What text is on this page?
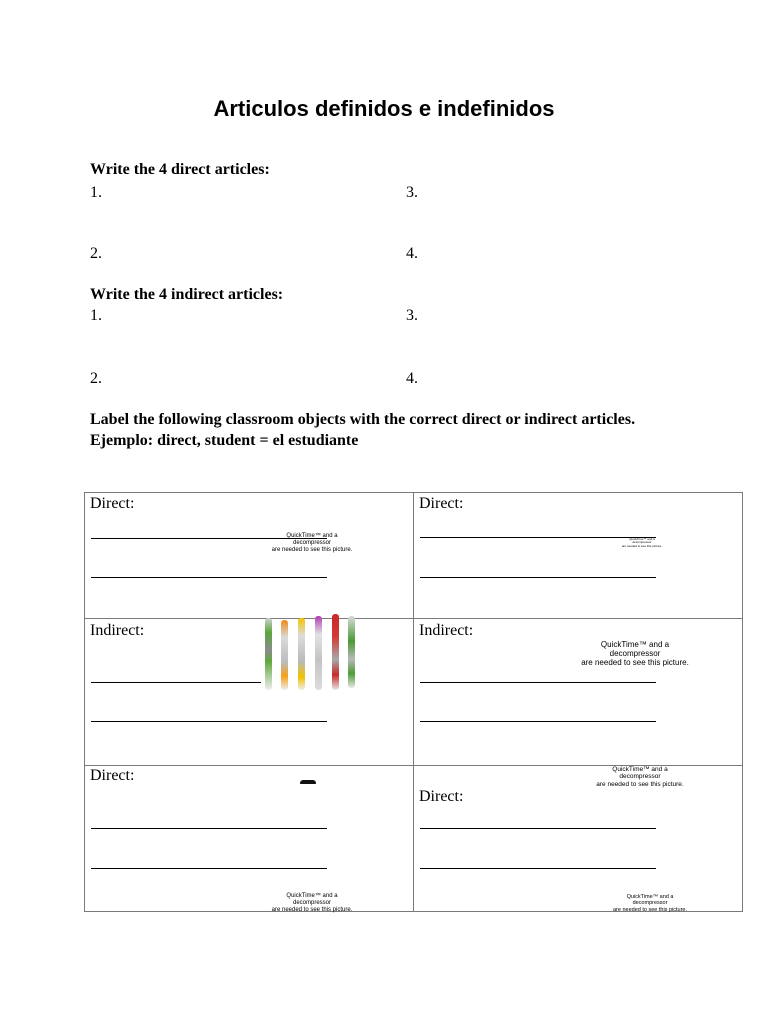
Articulos definidos e indefinidos
Write the 4 direct articles:
1.	3.
2.	4.
Write the 4 indirect articles:
1.	3.
2.	4.
Label the following classroom objects with the correct direct or indirect articles.
Ejemplo: direct, student = el estudiante
Direct:
QuickTime™ and a
decompressor
are needed to see this picture.
Direct:
QuickTime™ and a
decompressor
are needed to see this picture.
Indirect:	Indirect:
QuickTime™ and a
decompressor
are needed to see this picture.
Direct:
QuickTime™ and a
decompressor
are needed to see this picture.
QuickTime™ and a
decompressor
are needed to see this picture.
Direct:
QuickTime™ and a
decompressor
are needed to see this picture.
